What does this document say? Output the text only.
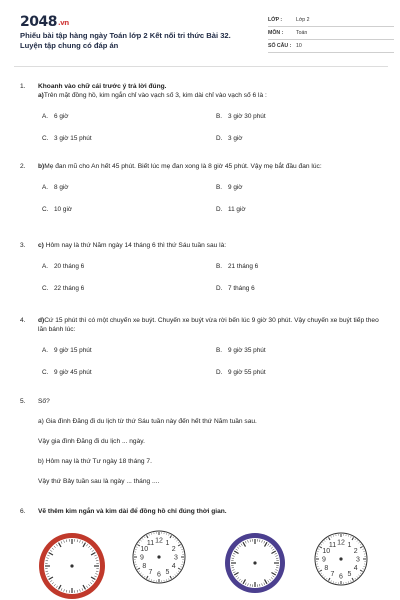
2048.vn
Phiếu bài tập hàng ngày Toán lớp 2 Kết nối tri thức Bài 32. Luyện tập chung có đáp án
LỚP :	Lớp 2
MÔN :	Toán
SỐ CÂU : 10
1.	Khoanh vào chữ cái trước ý trả lời đúng.
a)Trên mặt đồng hồ, kim ngắn chỉ vào vạch số 3, kim dài chỉ vào vạch số 6 là :
A. 6 giờ	B. 3 giờ 30 phút
C. 3 giờ 15 phút	D. 3 giờ
2.	b)Mẹ đan mũ cho An hết 45 phút. Biết lúc mẹ đan xong là 8 giờ 45 phút. Vậy mẹ bắt đầu đan lúc:
A. 8 giờ	B. 9 giờ
C. 10 giờ	D. 11 giờ
3.	c) Hôm nay là thứ Năm ngày 14 tháng 6 thì thứ Sáu tuần sau là:
A. 20 tháng 6	B. 21 tháng 6
C. 22 tháng 6	D. 7 tháng 6
4.	d)Cứ 15 phút thì có một chuyến xe buýt. Chuyến xe buýt vừa rời bến lúc 9 giờ 30 phút. Vậy chuyến xe buýt tiếp theo lăn bánh lúc:
A. 9 giờ 15 phút	B. 9 giờ 35 phút
C. 9 giờ 45 phút	D. 9 giờ 55 phút
5.	Số?
a) Gia đình Đăng đi du lịch từ thứ Sáu tuần này đến hết thứ Năm tuần sau.
Vậy gia đình Đăng đi du lịch ... ngày.
b) Hôm nay là thứ Tư ngày 18 tháng 7.
Vậy thứ Bảy tuần sau là ngày ... tháng ....
6.	Vẽ thêm kim ngắn và kim dài để đồng hồ chỉ đúng thời gian.
1
2
3
4
5
6
7
8
9
10
11 12
1
2
3
4
5
6
7
8
9
10
11 12
